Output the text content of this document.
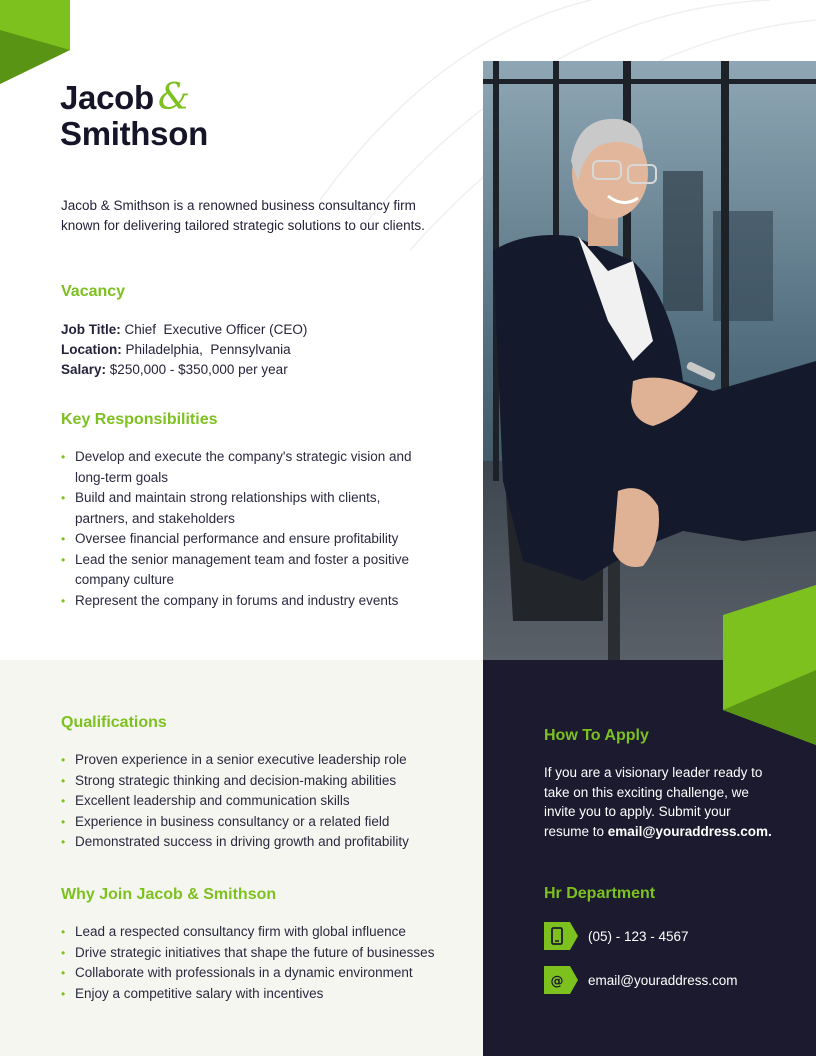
Jacob &
Smithson
Jacob & Smithson is a renowned business consultancy firm known for delivering tailored strategic solutions to our clients.
Vacancy
Job Title: Chief  Executive Officer (CEO)
Location: Philadelphia,  Pennsylvania
Salary: $250,000 - $350,000 per year
Key Responsibilities
• Develop and execute the company's strategic vision and long-term goals
• Build and maintain strong relationships with clients, partners, and stakeholders
• Oversee financial performance and ensure profitability
• Lead the senior management team and foster a positive company culture
• Represent the company in forums and industry events
Qualifications
• Proven experience in a senior executive leadership role
• Strong strategic thinking and decision-making abilities
• Excellent leadership and communication skills
• Experience in business consultancy or a related field
• Demonstrated success in driving growth and profitability
Why Join Jacob & Smithson
• Lead a respected consultancy firm with global influence
• Drive strategic initiatives that shape the future of businesses
• Collaborate with professionals in a dynamic environment
• Enjoy a competitive salary with incentives
How To Apply
If you are a visionary leader ready to take on this exciting challenge, we invite you to apply. Submit your resume to email@youraddress.com.
Hr Department
(05) - 123 - 4567
@ email@youraddress.com
